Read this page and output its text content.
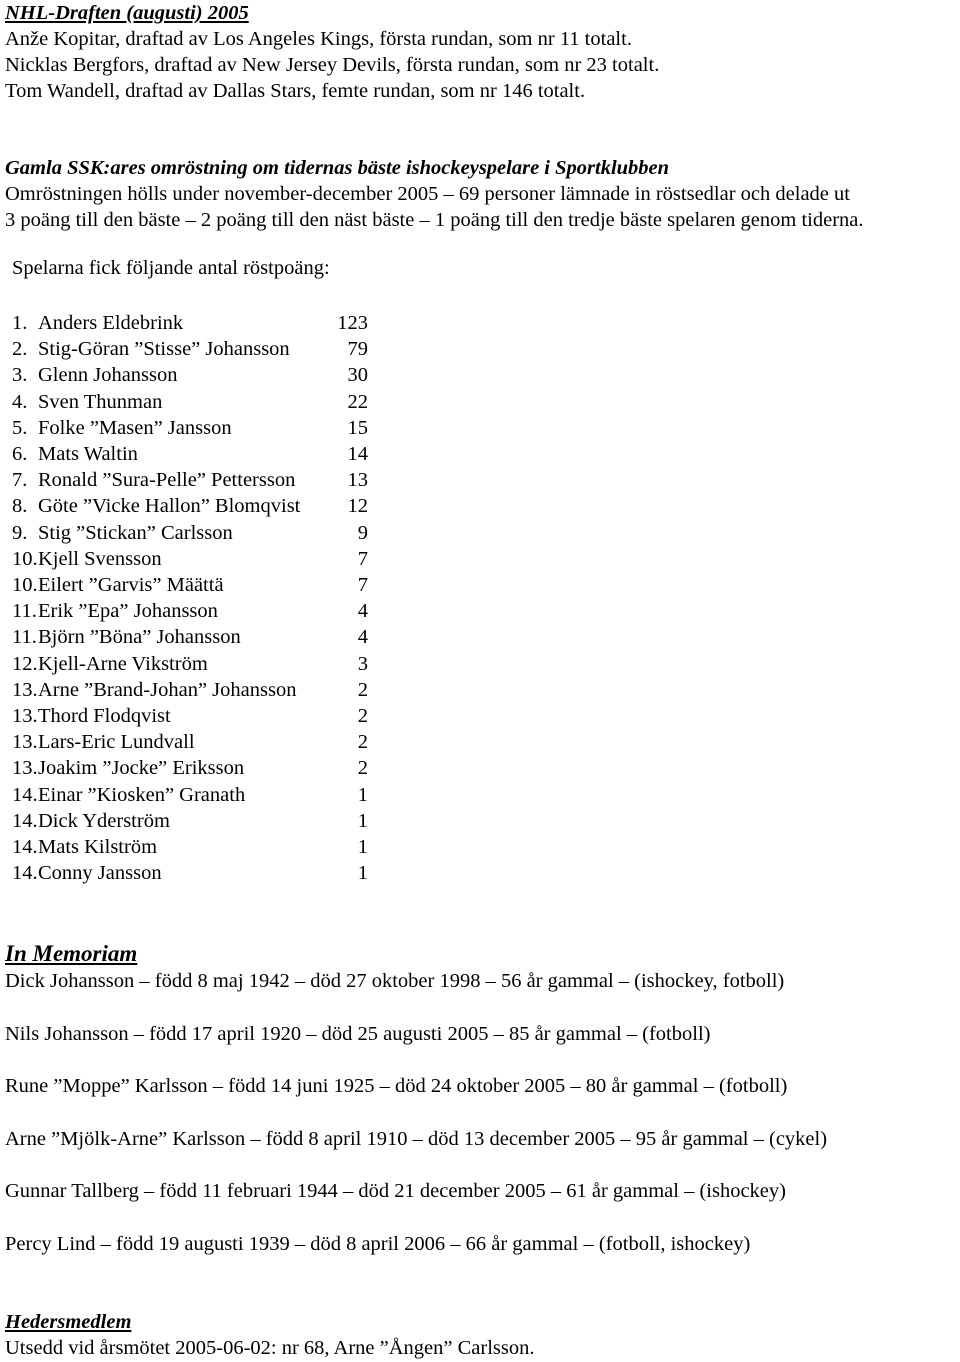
NHL-Draften (augusti) 2005

Anže Kopitar, draftad av Los Angeles Kings, första rundan, som nr 11 totalt.

Nicklas Bergfors, draftad av New Jersey Devils, första rundan, som nr 23 totalt.

Tom Wandell, draftad av Dallas Stars, femte rundan, som nr 146 totalt.

Gamla SSK:ares omröstning om tidernas bäste ishockeyspelare i Sportklubben

Omröstningen hölls under november-december 2005 – 69 personer lämnade in röstsedlar och delade ut
3 poäng till den bäste – 2 poäng till den näst bäste – 1 poäng till den tredje bäste spelaren genom tiderna.

Spelarna fick följande antal röstpoäng:

1. Anders Eldebrink	123
2. Stig-Göran ”Stisse” Johansson	79
3. Glenn Johansson	30
4. Sven Thunman	22
5. Folke ”Masen” Jansson	15
6. Mats Waltin	14
7. Ronald ”Sura-Pelle” Pettersson	13
8. Göte ”Vicke Hallon” Blomqvist	12
9. Stig ”Stickan” Carlsson	9
10. Kjell Svensson	7
10. Eilert ”Garvis” Määttä	7
11. Erik ”Epa” Johansson	4
11. Björn ”Böna” Johansson	4
12. Kjell-Arne Vikström	3
13. Arne ”Brand-Johan” Johansson	2
13. Thord Flodqvist	2
13. Lars-Eric Lundvall	2
13. Joakim ”Jocke” Eriksson	2
14. Einar ”Kiosken” Granath	1
14. Dick Yderström	1
14. Mats Kilström	1
14. Conny Jansson	1

In Memoriam

Dick Johansson – född 8 maj 1942 – död 27 oktober 1998 – 56 år gammal – (ishockey, fotboll)

Nils Johansson – född 17 april 1920 – död 25 augusti 2005 – 85 år gammal – (fotboll)

Rune ”Moppe” Karlsson – född 14 juni 1925 – död 24 oktober 2005 – 80 år gammal – (fotboll)

Arne ”Mjölk-Arne” Karlsson – född 8 april 1910 – död 13 december 2005 – 95 år gammal – (cykel)

Gunnar Tallberg – född 11 februari 1944 – död 21 december 2005 – 61 år gammal – (ishockey)

Percy Lind – född 19 augusti 1939 – död 8 april 2006 – 66 år gammal – (fotboll, ishockey)

Hedersmedlem

Utsedd vid årsmötet 2005-06-02: nr 68, Arne ”Ången” Carlsson.
